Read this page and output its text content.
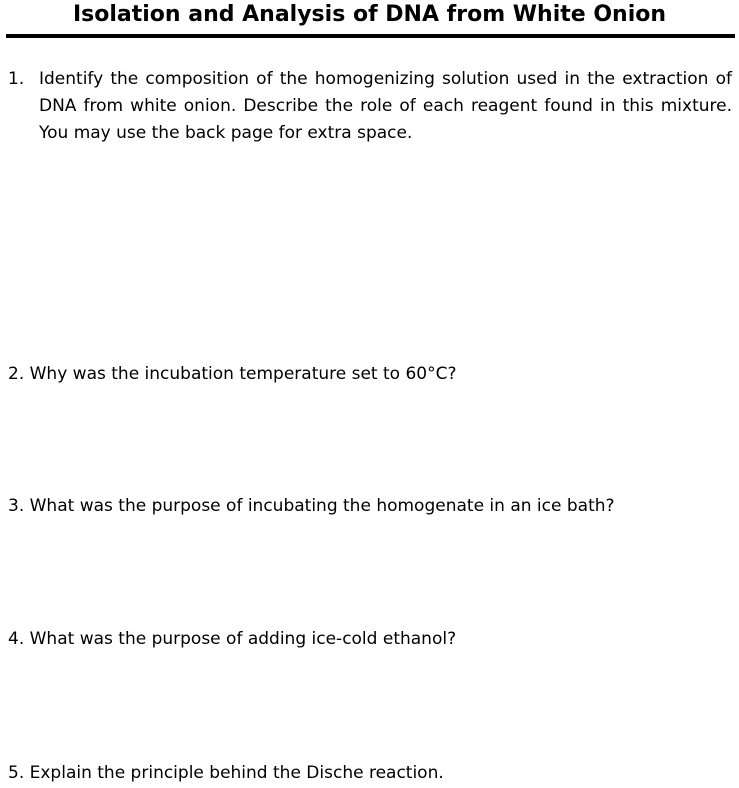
Isolation and Analysis of DNA from White Onion
1. Identify the composition of the homogenizing solution used in the extraction of
DNA from white onion. Describe the role of each reagent found in this mixture.
You may use the back page for extra space.
2. Why was the incubation temperature set to 60°C?
3. What was the purpose of incubating the homogenate in an ice bath?
4. What was the purpose of adding ice-cold ethanol?
5. Explain the principle behind the Dische reaction.
